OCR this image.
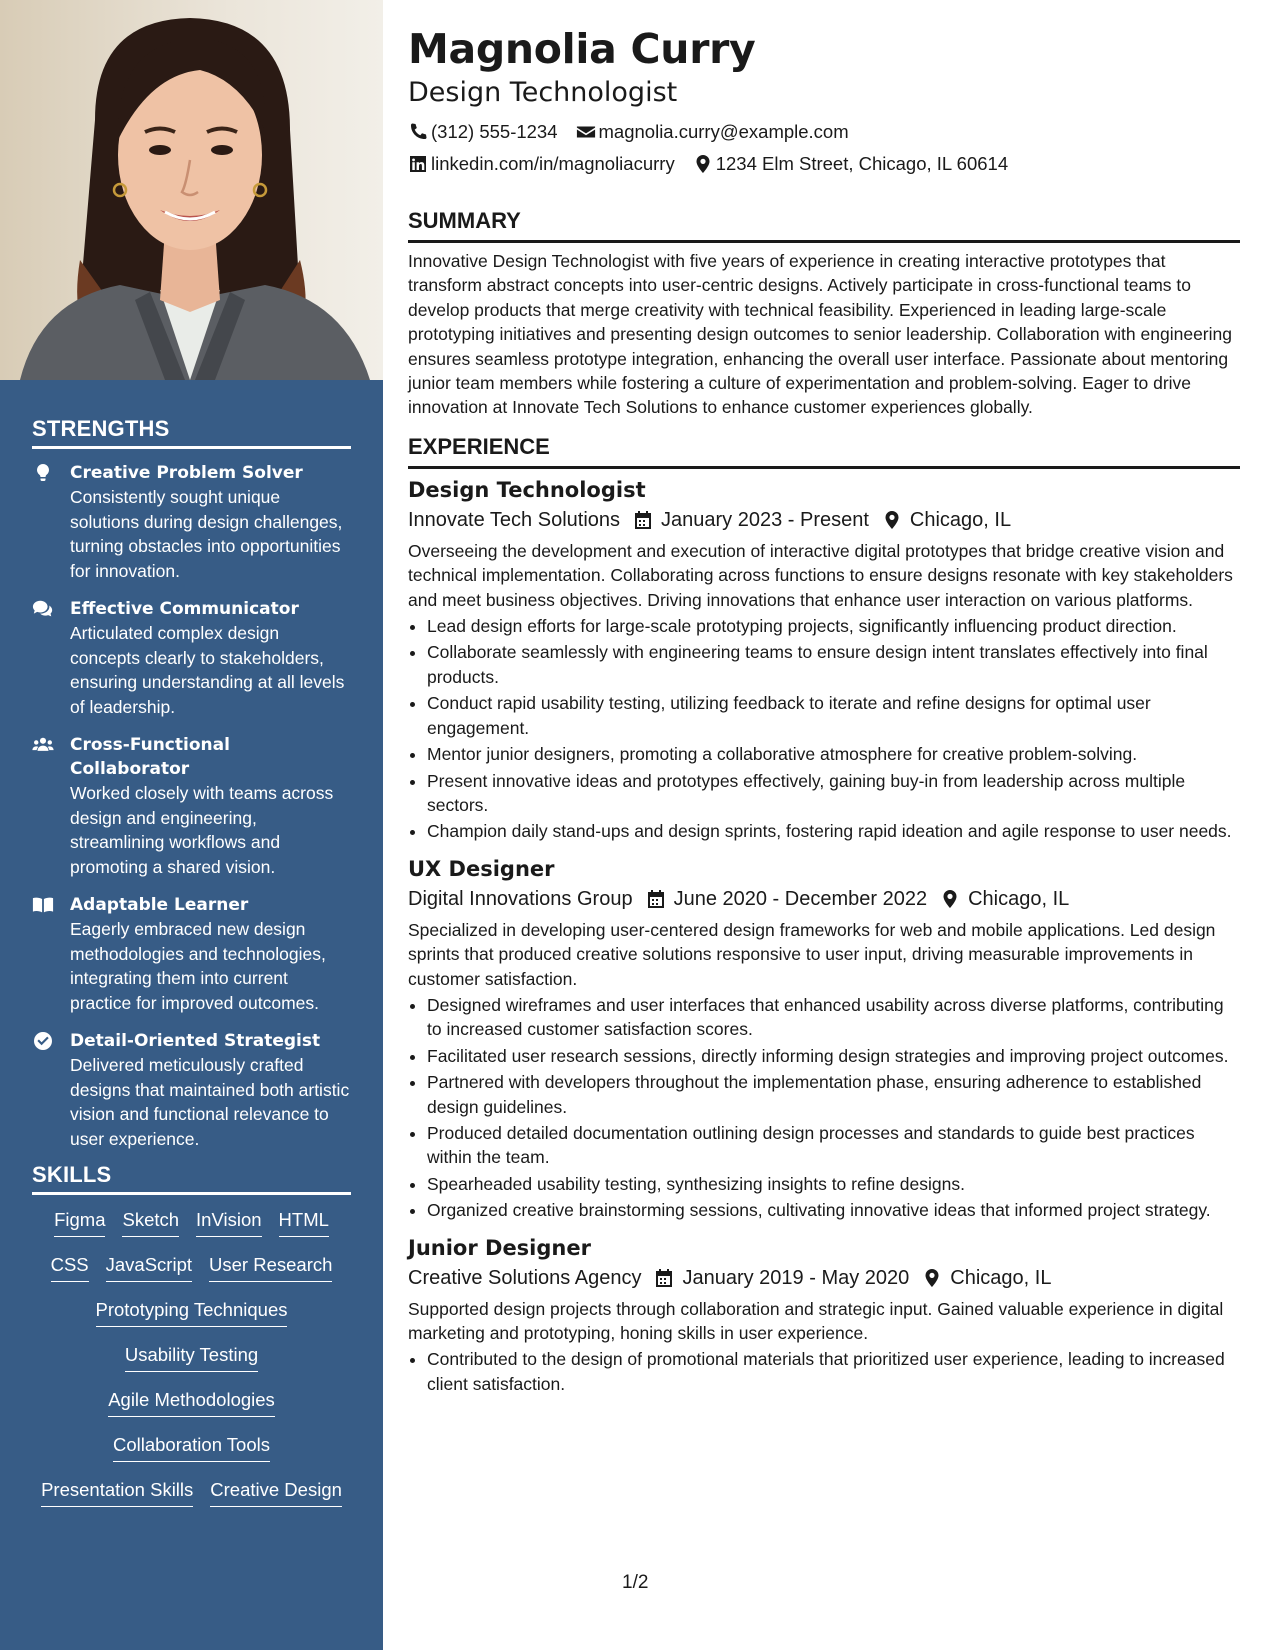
STRENGTHS
Creative Problem Solver
Consistently sought unique solutions during design challenges, turning obstacles into opportunities for innovation.
Effective Communicator
Articulated complex design concepts clearly to stakeholders, ensuring understanding at all levels of leadership.
Cross-Functional Collaborator
Worked closely with teams across design and engineering, streamlining workflows and promoting a shared vision.
Adaptable Learner
Eagerly embraced new design methodologies and technologies, integrating them into current practice for improved outcomes.
Detail-Oriented Strategist
Delivered meticulously crafted designs that maintained both artistic vision and functional relevance to user experience.
SKILLS
Figma Sketch InVision HTML
CSS JavaScript User Research
Prototyping Techniques
Usability Testing
Agile Methodologies
Collaboration Tools
Presentation Skills Creative Design
Magnolia Curry
Design Technologist
(312) 555-1234 magnolia.curry@example.com
linkedin.com/in/magnoliacurry 1234 Elm Street, Chicago, IL 60614
SUMMARY

Innovative Design Technologist with five years of experience in creating interactive prototypes that transform abstract concepts into user-centric designs. Actively participate in cross-functional teams to develop products that merge creativity with technical feasibility. Experienced in leading large-scale prototyping initiatives and presenting design outcomes to senior leadership. Collaboration with engineering ensures seamless prototype integration, enhancing the overall user interface. Passionate about mentoring junior team members while fostering a culture of experimentation and problem-solving. Eager to drive innovation at Innovate Tech Solutions to enhance customer experiences globally.

EXPERIENCE
Design Technologist
Innovate Tech Solutions January 2023 - Present Chicago, IL

Overseeing the development and execution of interactive digital prototypes that bridge creative vision and technical implementation. Collaborating across functions to ensure designs resonate with key stakeholders and meet business objectives. Driving innovations that enhance user interaction on various platforms.

• Lead design efforts for large-scale prototyping projects, significantly influencing product direction.
• Collaborate seamlessly with engineering teams to ensure design intent translates effectively into final products.
• Conduct rapid usability testing, utilizing feedback to iterate and refine designs for optimal user engagement.
• Mentor junior designers, promoting a collaborative atmosphere for creative problem-solving.
• Present innovative ideas and prototypes effectively, gaining buy-in from leadership across multiple sectors.
• Champion daily stand-ups and design sprints, fostering rapid ideation and agile response to user needs.
UX Designer
Digital Innovations Group June 2020 - December 2022 Chicago, IL

Specialized in developing user-centered design frameworks for web and mobile applications. Led design sprints that produced creative solutions responsive to user input, driving measurable improvements in customer satisfaction.

• Designed wireframes and user interfaces that enhanced usability across diverse platforms, contributing to increased customer satisfaction scores.
• Facilitated user research sessions, directly informing design strategies and improving project outcomes.
• Partnered with developers throughout the implementation phase, ensuring adherence to established design guidelines.
• Produced detailed documentation outlining design processes and standards to guide best practices within the team.
• Spearheaded usability testing, synthesizing insights to refine designs.
• Organized creative brainstorming sessions, cultivating innovative ideas that informed project strategy.
Junior Designer
Creative Solutions Agency January 2019 - May 2020 Chicago, IL

Supported design projects through collaboration and strategic input. Gained valuable experience in digital marketing and prototyping, honing skills in user experience.

• Contributed to the design of promotional materials that prioritized user experience, leading to increased client satisfaction.
1/2
